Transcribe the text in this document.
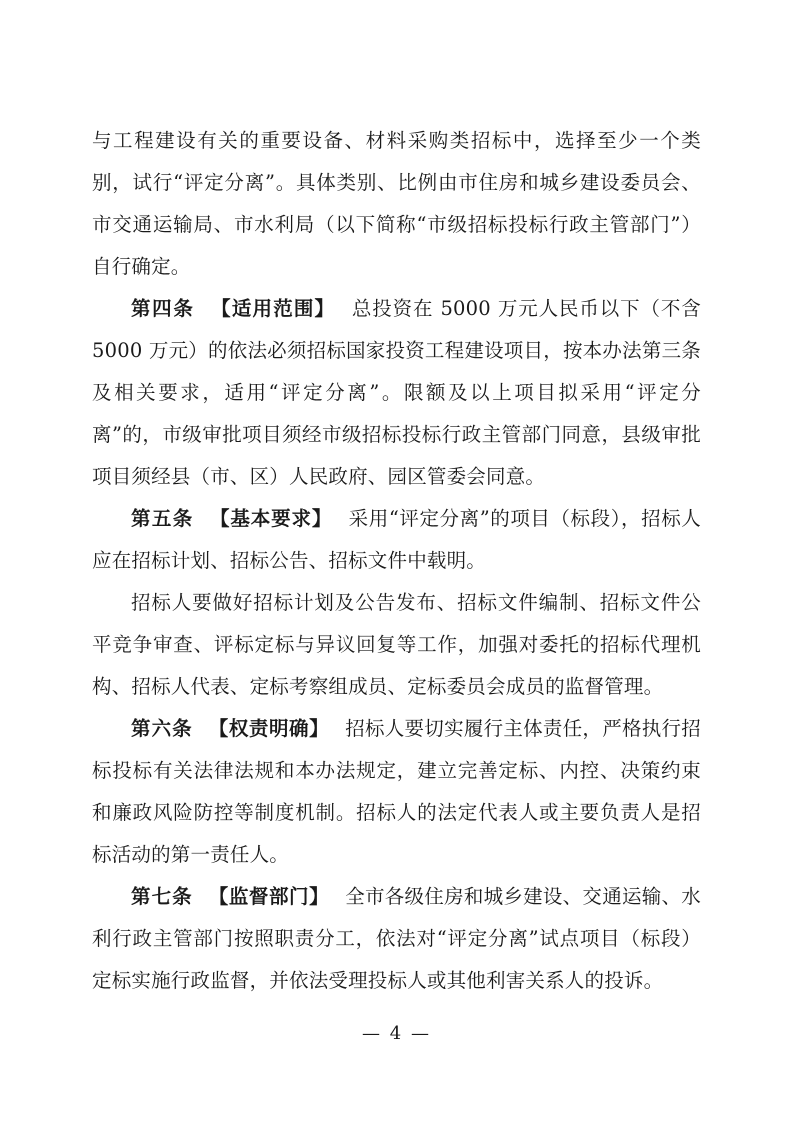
与工程建设有关的重要设备、材料采购类招标中，选择至少一个类别，试行“评定分离”。具体类别、比例由市住房和城乡建设委员会、市交通运输局、市水利局（以下简称“市级招标投标行政主管部门”）自行确定。

第四条 【适用范围】 总投资在 5000 万元人民币以下（不含 5000 万元）的依法必须招标国家投资工程建设项目，按本办法第三条及相关要求，适用“评定分离”。限额及以上项目拟采用“评定分离”的，市级审批项目须经市级招标投标行政主管部门同意，县级审批项目须经县（市、区）人民政府、园区管委会同意。

第五条 【基本要求】 采用“评定分离”的项目（标段），招标人应在招标计划、招标公告、招标文件中载明。

招标人要做好招标计划及公告发布、招标文件编制、招标文件公平竞争审查、评标定标与异议回复等工作，加强对委托的招标代理机构、招标人代表、定标考察组成员、定标委员会成员的监督管理。

第六条 【权责明确】 招标人要切实履行主体责任，严格执行招标投标有关法律法规和本办法规定，建立完善定标、内控、决策约束和廉政风险防控等制度机制。招标人的法定代表人或主要负责人是招标活动的第一责任人。

第七条 【监督部门】 全市各级住房和城乡建设、交通运输、水利行政主管部门按照职责分工，依法对“评定分离”试点项目（标段）定标实施行政监督，并依法受理投标人或其他利害关系人的投诉。

— 4 —
